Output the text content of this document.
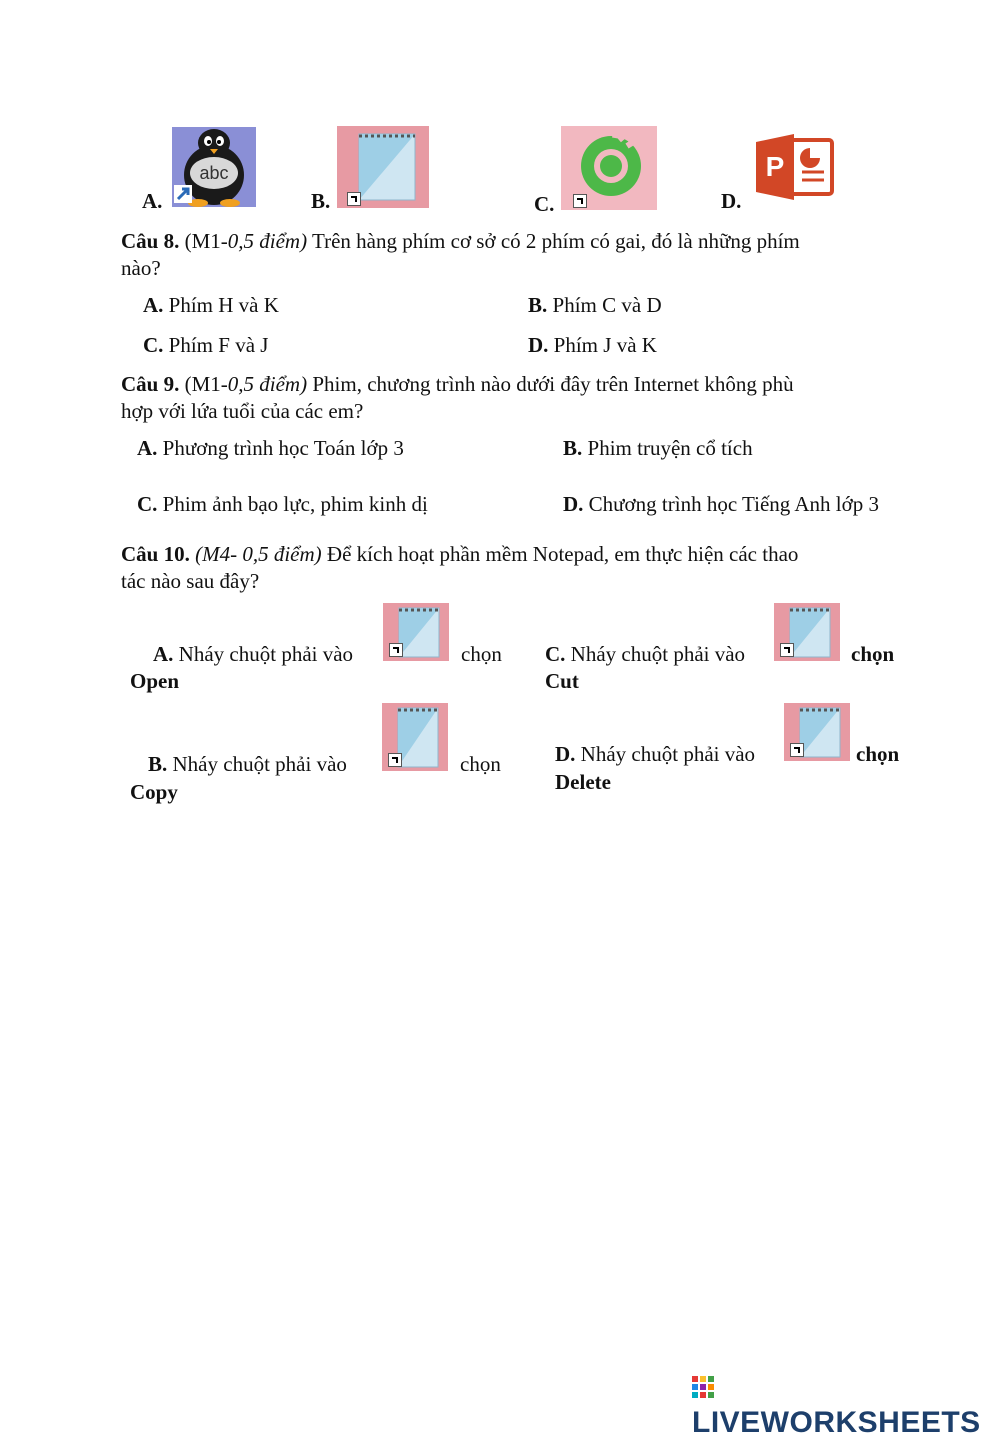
A.
abc
B.	C.	D.
P
Câu 8. (M1-0,5 điểm) Trên hàng phím cơ sở có 2 phím có gai, đó là những phím
nào?
A. Phím H và K	B. Phím C và D
C. Phím F và J	D. Phím J và K
Câu 9. (M1-0,5 điểm) Phim, chương trình nào dưới đây trên Internet không phù
hợp với lứa tuổi của các em?
A. Phương trình học Toán lớp 3	B. Phim truyện cổ tích
C. Phim ảnh bạo lực, phim kinh dị	D. Chương trình học Tiếng Anh lớp 3
Câu 10. (M4- 0,5 điểm) Để kích hoạt phần mềm Notepad, em thực hiện các thao
tác nào sau đây?
A. Nháy chuột phải vào	chọn
Open
C. Nháy chuột phải vào	chọn
Cut
B. Nháy chuột phải vào	chọn
Copy
D. Nháy chuột phải vào	chọn
Delete
LIVEWORKSHEETS
